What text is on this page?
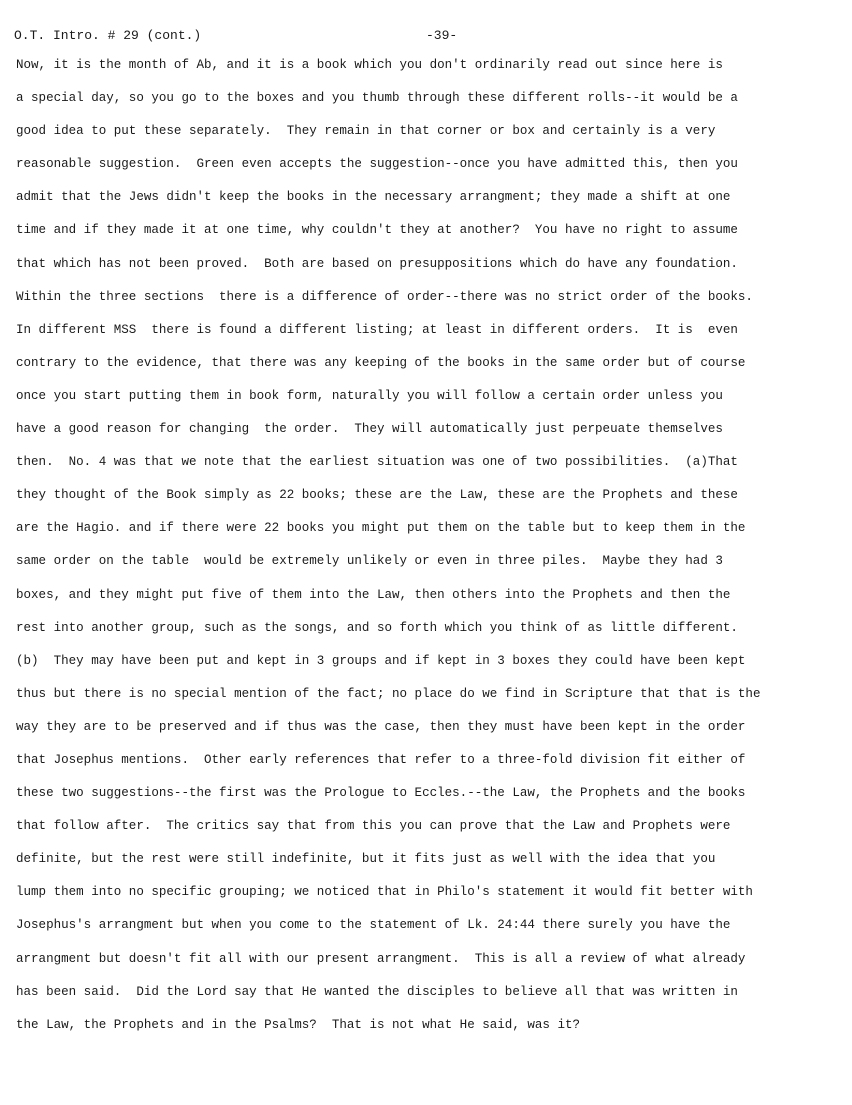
O.T. Intro. # 29 (cont.)	-39-
Now, it is the month of Ab, and it is a book which you don't ordinarily read out since here is
a special day, so you go to the boxes and you thumb through these different rolls--it would be a
good idea to put these separately.  They remain in that corner or box and certainly is a very
reasonable suggestion.  Green even accepts the suggestion--once you have admitted this, then you
admit that the Jews didn't keep the books in the necessary arrangment; they made a shift at one
time and if they made it at one time, why couldn't they at another?  You have no right to assume
that which has not been proved.  Both are based on presuppositions which do have any foundation.
Within the three sections  there is a difference of order--there was no strict order of the books.
In different MSS  there is found a different listing; at least in different orders.  It is  even
contrary to the evidence, that there was any keeping of the books in the same order but of course
once you start putting them in book form, naturally you will follow a certain order unless you
have a good reason for changing  the order.  They will automatically just perpeuate themselves
then.  No. 4 was that we note that the earliest situation was one of two possibilities.  (a)That
they thought of the Book simply as 22 books; these are the Law, these are the Prophets and these
are the Hagio. and if there were 22 books you might put them on the table but to keep them in the
same order on the table  would be extremely unlikely or even in three piles.  Maybe they had 3
boxes, and they might put five of them into the Law, then others into the Prophets and then the
rest into another group, such as the songs, and so forth which you think of as little different.
(b)  They may have been put and kept in 3 groups and if kept in 3 boxes they could have been kept
thus but there is no special mention of the fact; no place do we find in Scripture that that is the
way they are to be preserved and if thus was the case, then they must have been kept in the order
that Josephus mentions.  Other early references that refer to a three-fold division fit either of
these two suggestions--the first was the Prologue to Eccles.--the Law, the Prophets and the books
that follow after.  The critics say that from this you can prove that the Law and Prophets were
definite, but the rest were still indefinite, but it fits just as well with the idea that you
lump them into no specific grouping; we noticed that in Philo's statement it would fit better with
Josephus's arrangment but when you come to the statement of Lk. 24:44 there surely you have the
arrangment but doesn't fit all with our present arrangment.  This is all a review of what already
has been said.  Did the Lord say that He wanted the disciples to believe all that was written in
the Law, the Prophets and in the Psalms?  That is not what He said, was it?
